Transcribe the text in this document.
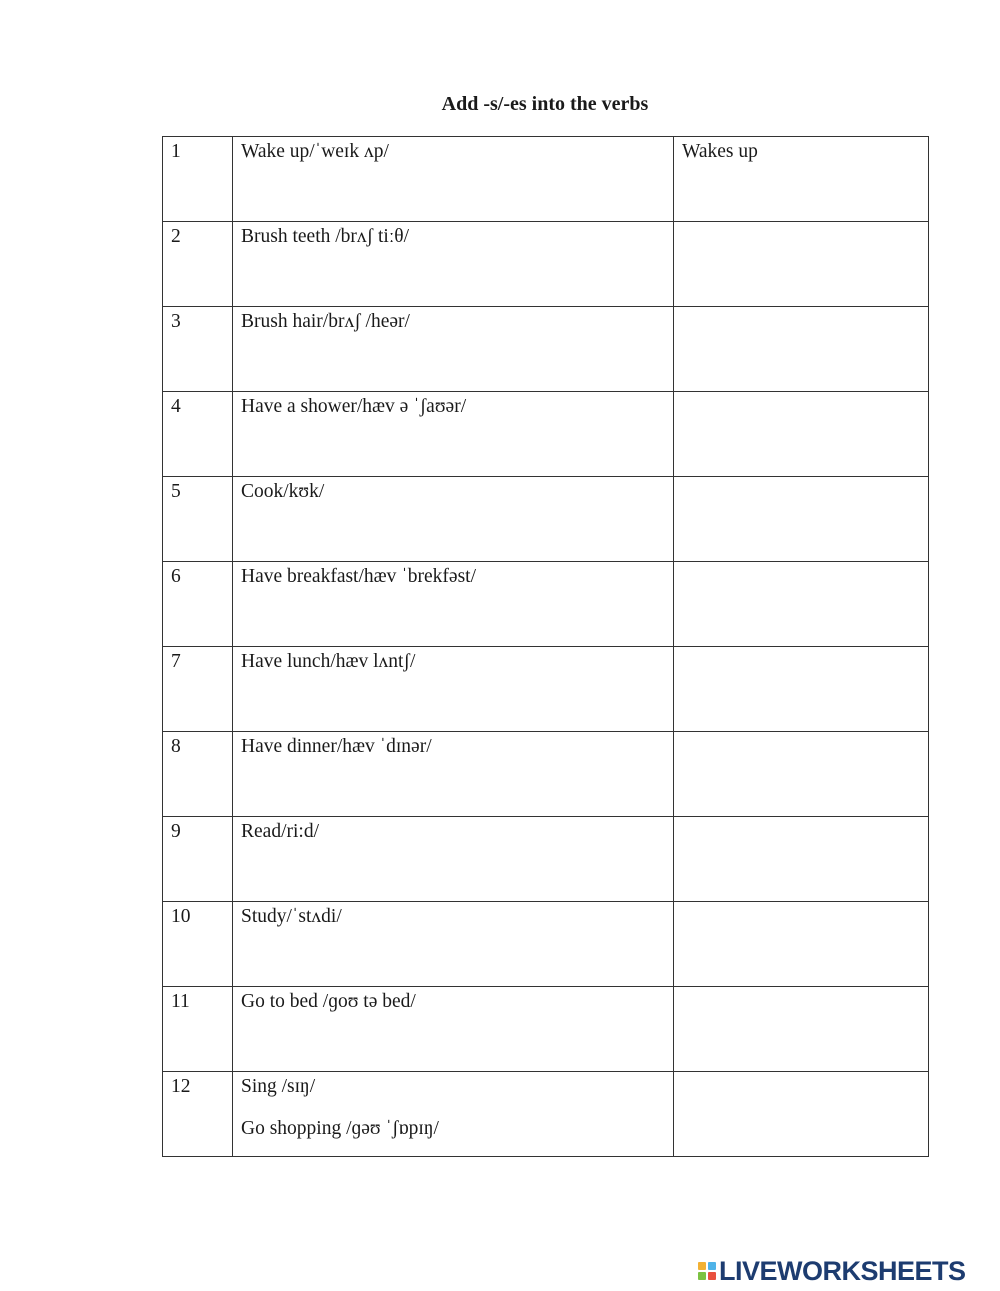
Add -s/-es into the verbs
1	Wake up/ˈweɪk ʌp/	Wakes up
2	Brush teeth /brʌʃ tiːθ/	
3	Brush hair/brʌʃ /heər/	
4	Have a shower/hæv ə ˈʃaʊər/	
5	Cook/kʊk/	
6	Have breakfast/hæv ˈbrekfəst/	
7	Have lunch/hæv lʌntʃ/	
8	Have dinner/hæv ˈdɪnər/	
9	Read/ri:d/	
10	Study/ˈstʌdi/	
11	Go to bed /ɡoʊ tə bed/	
12	Sing /sɪŋ/
Go shopping /ɡəʊ ˈʃɒpɪŋ/	

LIVEWORKSHEETS
